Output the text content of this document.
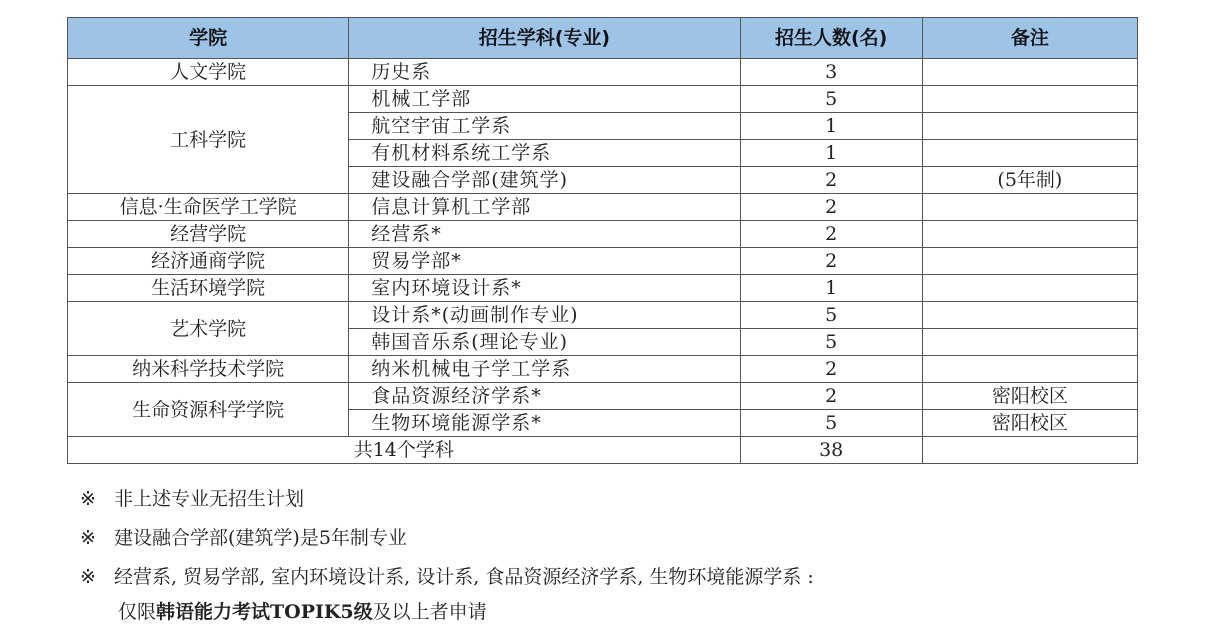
学院	招生学科(专业)	招生人数(名)	备注
人文学院	历史系	3	
工科学院	机械工学部	5	
	航空宇宙工学系	1	
	有机材料系统工学系	1	
	建设融合学部(建筑学)	2	(5年制)
信息·生命医学工学院	信息计算机工学部	2	
经营学院	经营系*	2	
经济通商学院	贸易学部*	2	
生活环境学院	室内环境设计系*	1	
艺术学院	设计系*(动画制作专业)	5	
	韩国音乐系(理论专业)	5	
纳米科学技术学院	纳米机械电子学工学系	2	
生命资源科学学院	食品资源经济学系*	2	密阳校区
	生物环境能源学系*	5	密阳校区
共14个学科		38	
※ 非上述专业无招生计划
※ 建设融合学部(建筑学)是5年制专业
※ 经营系, 贸易学部, 室内环境设计系, 设计系, 食品资源经济学系, 生物环境能源学系 :
仅限韩语能力考试TOPIK5级及以上者申请
